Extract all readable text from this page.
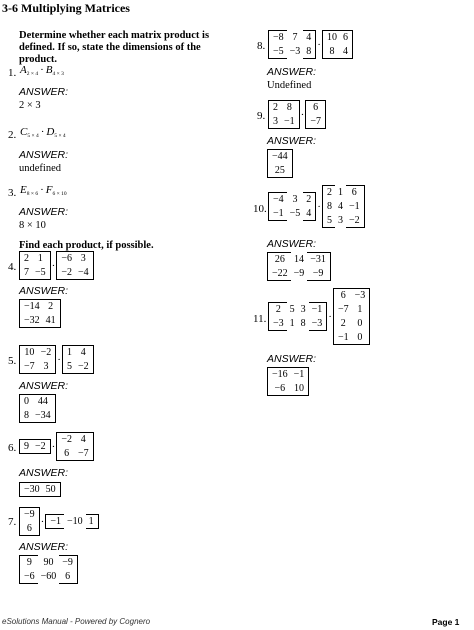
3-6 Multiplying Matrices
Determine whether each matrix product is defined. If so, state the dimensions of the product.
1. $A_{2 \times 4} \cdot B_{4 \times 3}$
ANSWER:
2 × 3
2. $C_{5 \times 4} \cdot D_{5 \times 4}$
ANSWER:
undefined
3. $E_{8 \times 6} \cdot F_{6 \times 10}$
ANSWER:
8 × 10
Find each product, if possible.
4.
2	1
7	−5
·
−6	3
−2	−4
ANSWER:
−14	2
−32	41
5.
10	−2
−7	3
·
1	4
5	−2
ANSWER:
0	44
8	−34
6. 9	−2 ·
−2	4
6	−7
ANSWER:
−30	50
7.
−9
6
· −1	−10	1
ANSWER:
9	90	−9
−6	−60	6
8.
−8	7	4
−5	−3	8
·
10	6
8	4
ANSWER:
Undefined
9.
2	8
3	−1
·
6
−7
ANSWER:
−44
25
10.
−4	3	2
−1	−5	4
·
2	1	6
8	4	−1
5	3	−2
ANSWER:
26	14	−31
−22	−9	−9
11.
2	5	3	−1
−3	1	8	−3
·
6	−3
−7	1
2	0
−1	0
ANSWER:
−16	−1
−6	10
eSolutions Manual - Powered by Cognero	Page 1
